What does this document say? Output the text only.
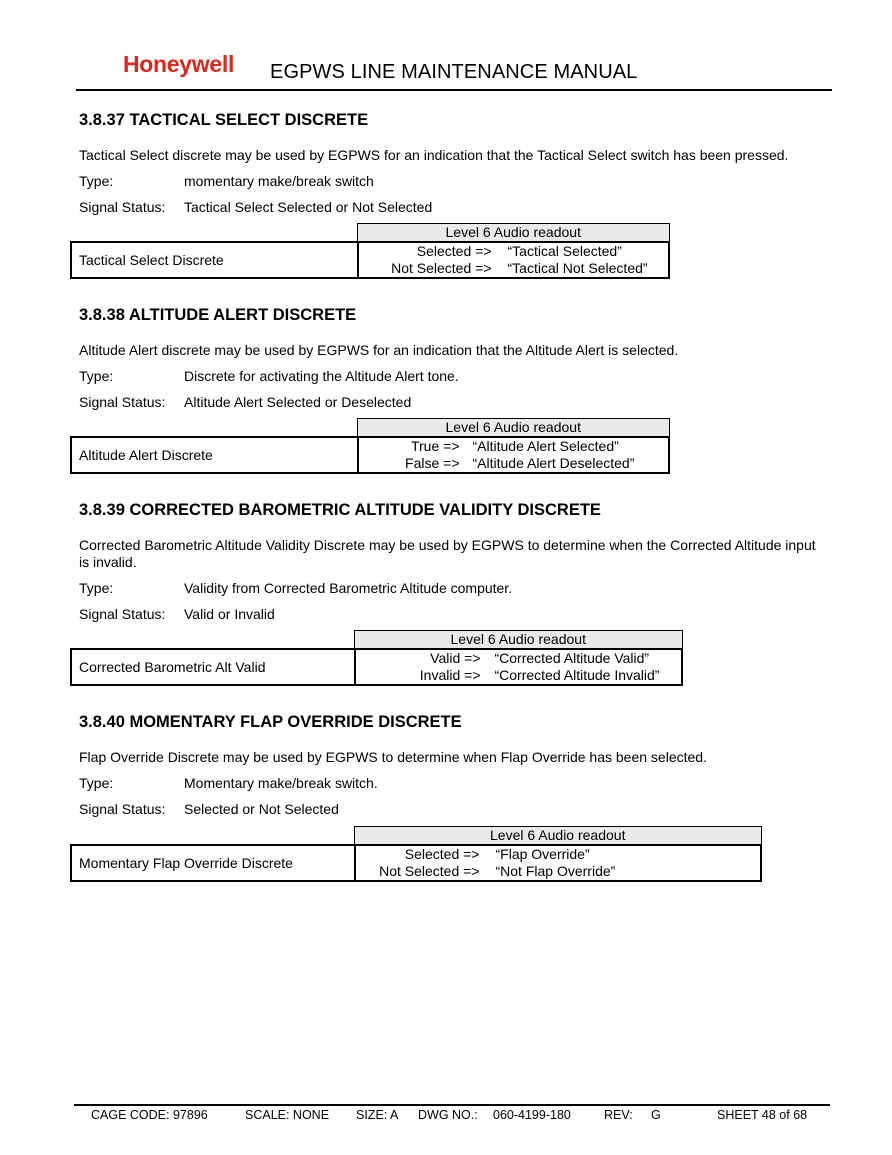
Honeywell EGPWS LINE MAINTENANCE MANUAL
3.8.37 TACTICAL SELECT DISCRETE
Tactical Select discrete may be used by EGPWS for an indication that the Tactical Select switch has been pressed.
Type:	momentary make/break switch
Signal Status:	Tactical Select Selected or Not Selected
	Level 6 Audio readout
Tactical Select Discrete	Selected => “Tactical Selected”
Not Selected => “Tactical Not Selected”
3.8.38 ALTITUDE ALERT DISCRETE
Altitude Alert discrete may be used by EGPWS for an indication that the Altitude Alert is selected.
Type:	Discrete for activating the Altitude Alert tone.
Signal Status:	Altitude Alert Selected or Deselected
	Level 6 Audio readout
Altitude Alert Discrete	True => “Altitude Alert Selected”
False => “Altitude Alert Deselected”
3.8.39 CORRECTED BAROMETRIC ALTITUDE VALIDITY DISCRETE
Corrected Barometric Altitude Validity Discrete may be used by EGPWS to determine when the Corrected Altitude input is invalid.
Type:	Validity from Corrected Barometric Altitude computer.
Signal Status:	Valid or Invalid
	Level 6 Audio readout
Corrected Barometric Alt Valid	Valid => “Corrected Altitude Valid”
Invalid => “Corrected Altitude Invalid”
3.8.40 MOMENTARY FLAP OVERRIDE DISCRETE
Flap Override Discrete may be used by EGPWS to determine when Flap Override has been selected.
Type:	Momentary make/break switch.
Signal Status:	Selected or Not Selected
	Level 6 Audio readout
Momentary Flap Override Discrete	Selected => “Flap Override”
Not Selected => “Not Flap Override”
CAGE CODE: 97896	SCALE: NONE SIZE: A DWG NO.: 060-4199-180	REV: G	SHEET 48 of 68
